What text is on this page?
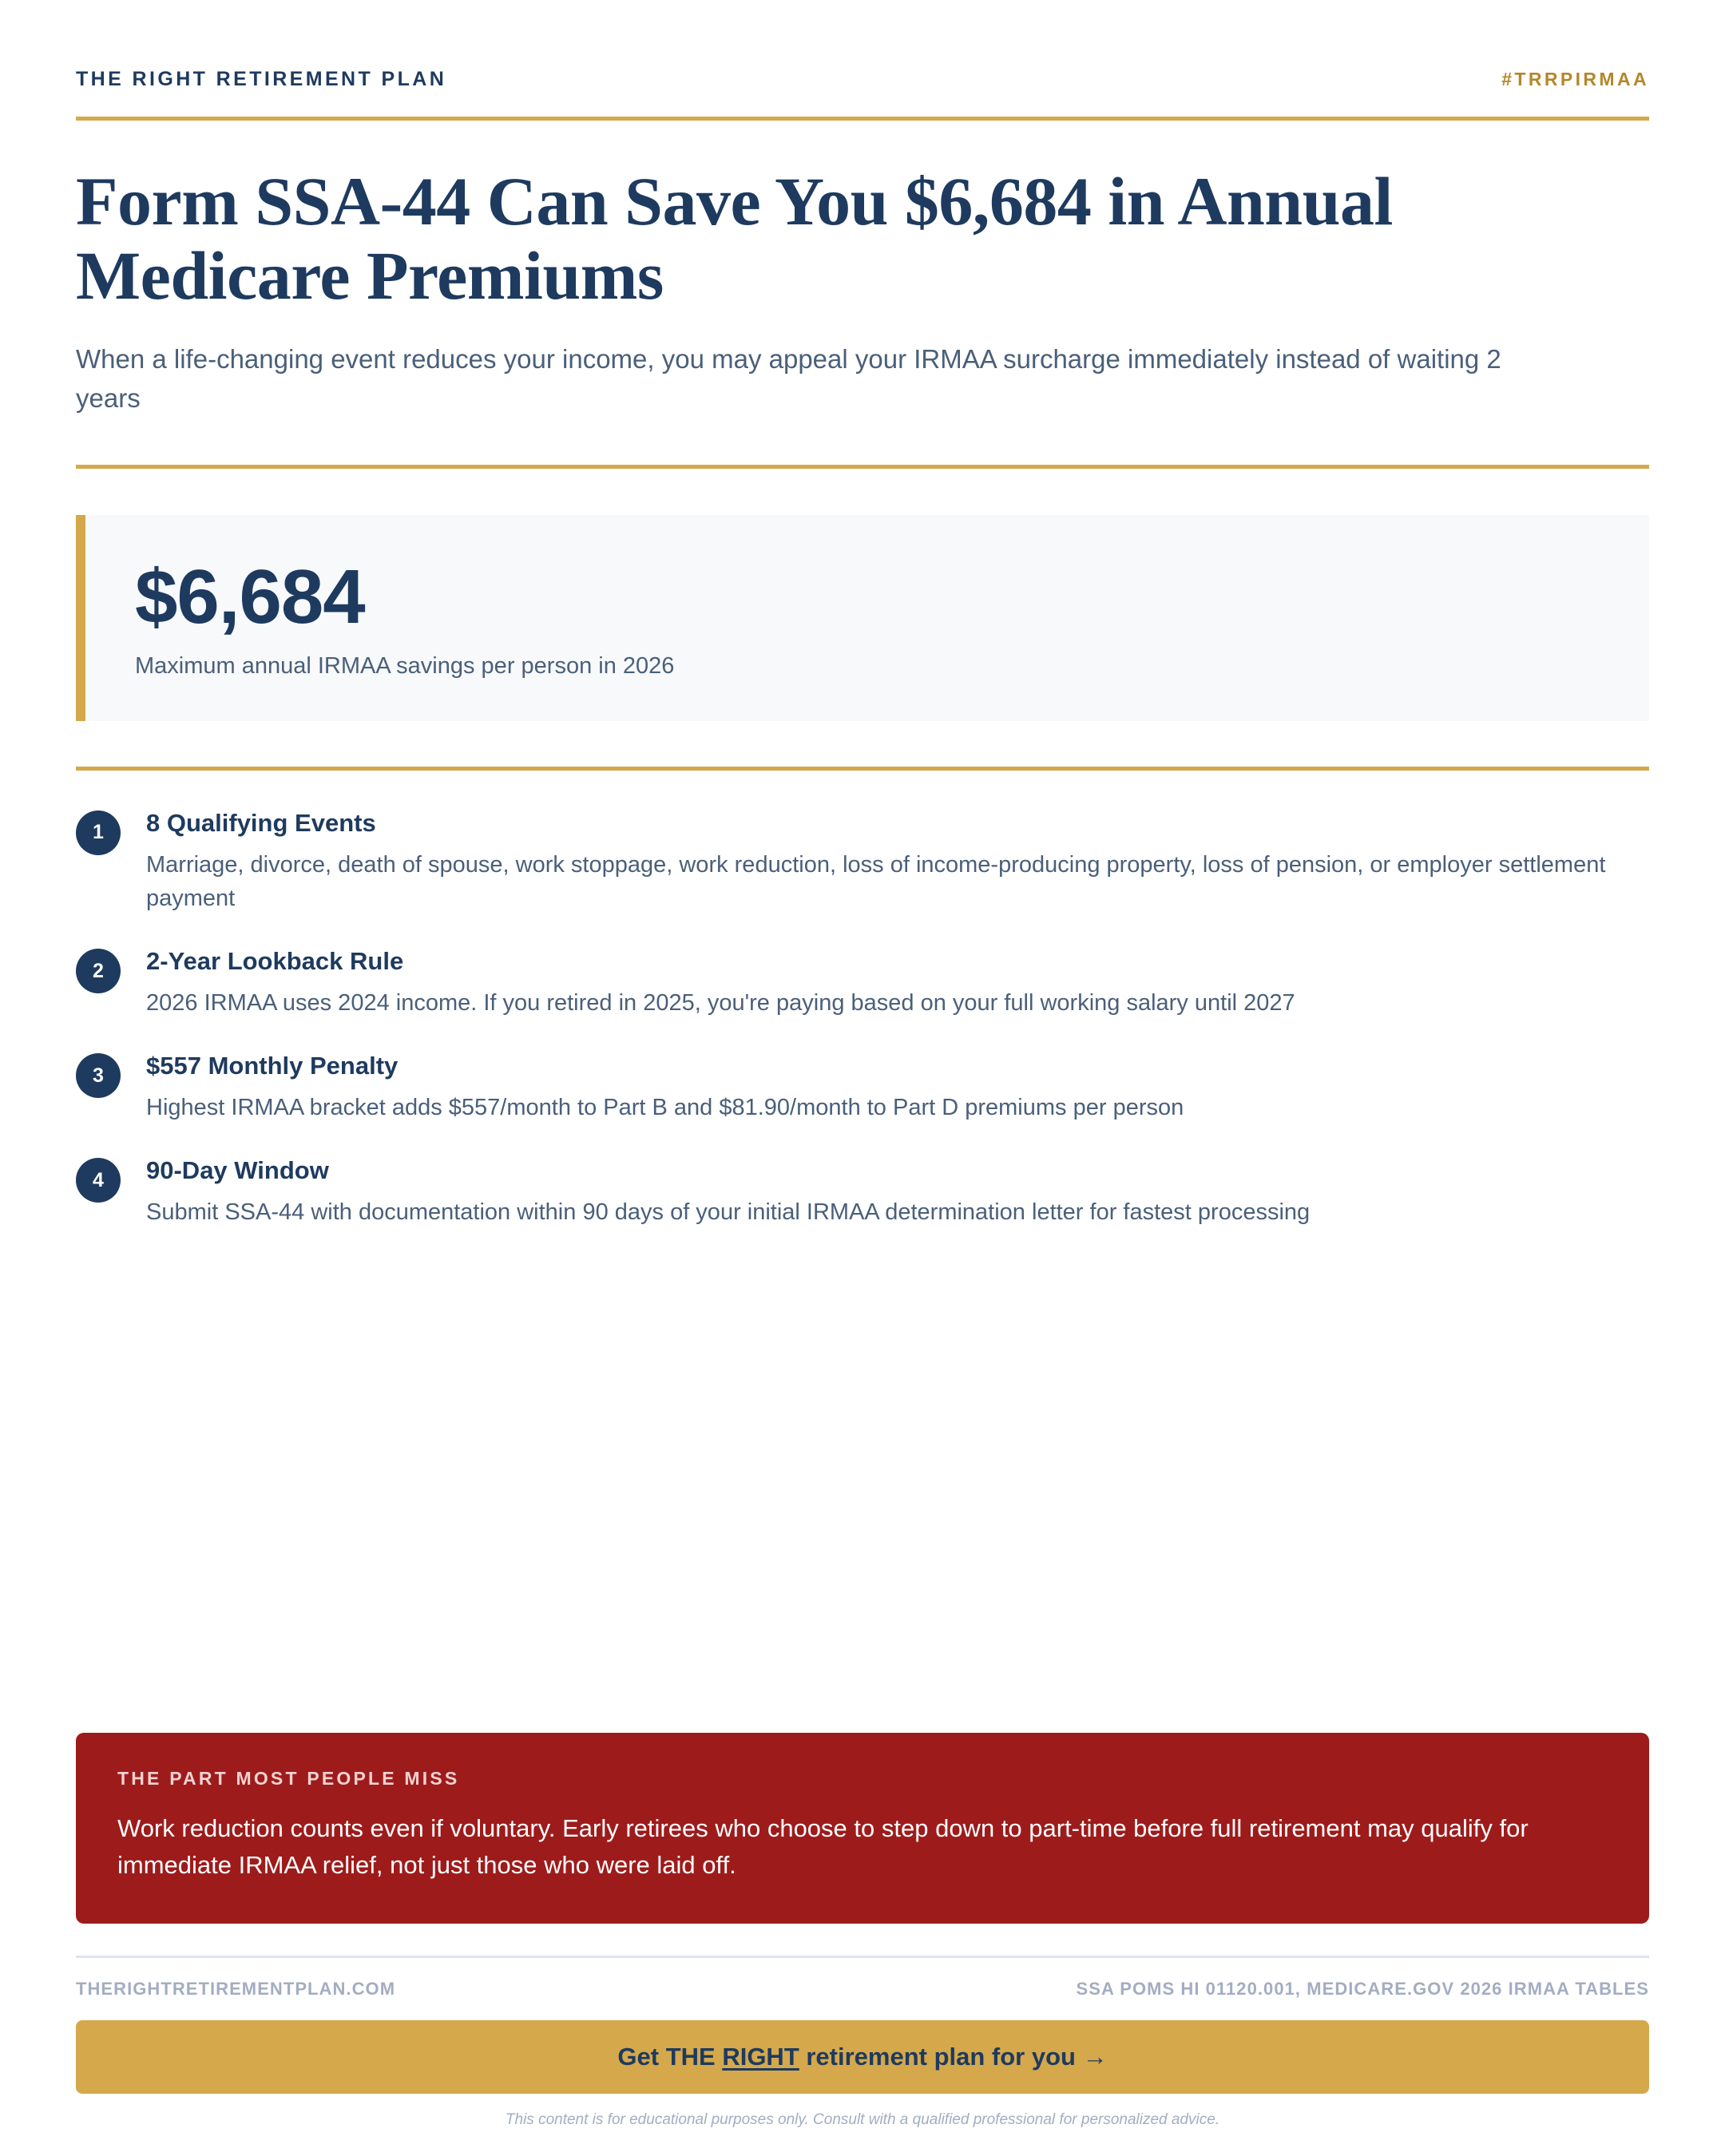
THE RIGHT RETIREMENT PLAN	#TRRPIRMAA
Form SSA-44 Can Save You $6,684 in Annual Medicare Premiums

When a life-changing event reduces your income, you may appeal your IRMAA surcharge immediately instead of waiting 2 years

$6,684
Maximum annual IRMAA savings per person in 2026
1	8 Qualifying Events
Marriage, divorce, death of spouse, work stoppage, work reduction, loss of income-producing property, loss of pension, or employer settlement payment
2	2-Year Lookback Rule
2026 IRMAA uses 2024 income. If you retired in 2025, you're paying based on your full working salary until 2027
3	$557 Monthly Penalty
Highest IRMAA bracket adds $557/month to Part B and $81.90/month to Part D premiums per person
4	90-Day Window
Submit SSA-44 with documentation within 90 days of your initial IRMAA determination letter for fastest processing
THE PART MOST PEOPLE MISS
Work reduction counts even if voluntary. Early retirees who choose to step down to part-time before full retirement may qualify for immediate IRMAA relief, not just those who were laid off.
THERIGHTRETIREMENTPLAN.COM	SSA POMS HI 01120.001, MEDICARE.GOV 2026 IRMAA TABLES
Get THE RIGHT retirement plan for you →
This content is for educational purposes only. Consult with a qualified professional for personalized advice.
